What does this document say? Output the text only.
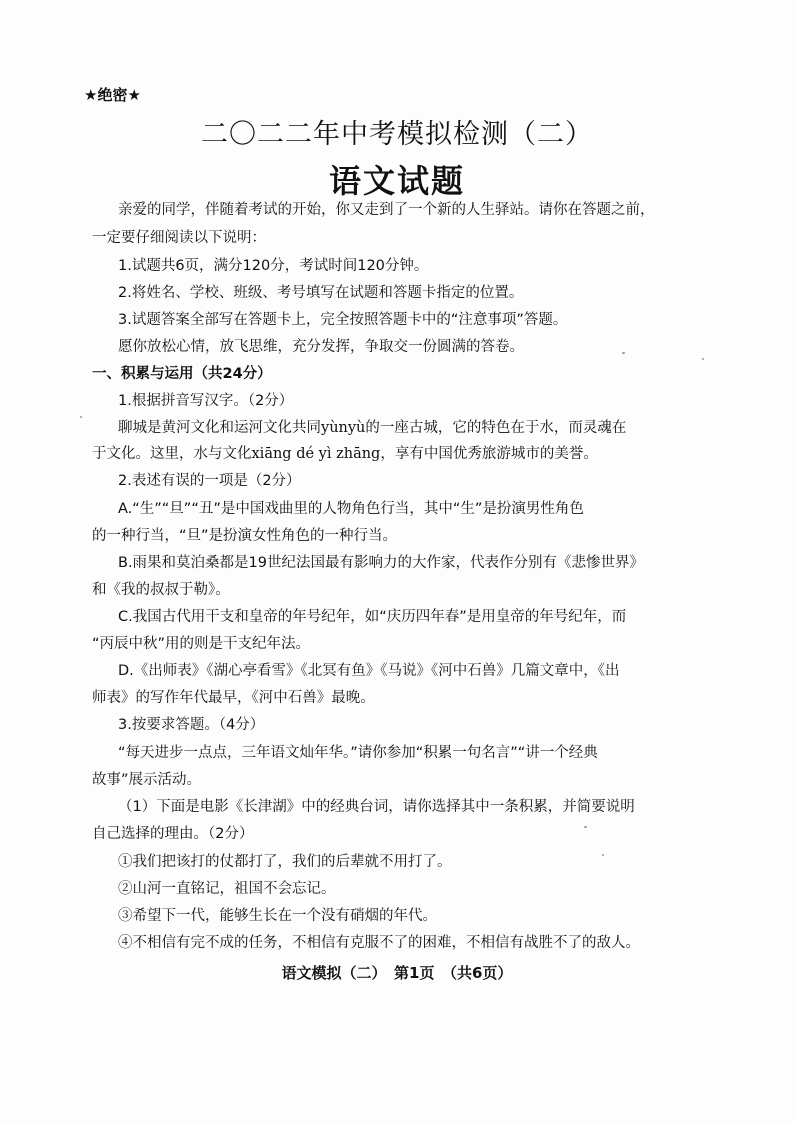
★绝密★
二〇二二年中考模拟检测（二）
语文试题
亲爱的同学，伴随着考试的开始，你又走到了一个新的人生驿站。请你在答题之前，
一定要仔细阅读以下说明：
1.试题共6页，满分120分，考试时间120分钟。
2.将姓名、学校、班级、考号填写在试题和答题卡指定的位置。
3.试题答案全部写在答题卡上，完全按照答题卡中的“注意事项”答题。
愿你放松心情，放飞思维，充分发挥，争取交一份圆满的答卷。
一、积累与运用（共24分）
1.根据拼音写汉字。（2分）
聊城是黄河文化和运河文化共同yùnyù的一座古城，它的特色在于水，而灵魂在
于文化。这里，水与文化xiāng dé yì zhāng，享有中国优秀旅游城市的美誉。
2.表述有误的一项是（2分）
A.“生”“旦”“丑”是中国戏曲里的人物角色行当，其中“生”是扮演男性角色
的一种行当，“旦”是扮演女性角色的一种行当。
B.雨果和莫泊桑都是19世纪法国最有影响力的大作家，代表作分别有《悲惨世界》
和《我的叔叔于勒》。
C.我国古代用干支和皇帝的年号纪年，如“庆历四年春”是用皇帝的年号纪年，而
“丙辰中秋”用的则是干支纪年法。
D.《出师表》《湖心亭看雪》《北冥有鱼》《马说》《河中石兽》几篇文章中，《出
师表》的写作年代最早，《河中石兽》最晚。
3.按要求答题。（4分）
“每天进步一点点，三年语文灿年华。”请你参加“积累一句名言”“讲一个经典
故事”展示活动。
（1）下面是电影《长津湖》中的经典台词，请你选择其中一条积累，并简要说明
自己选择的理由。（2分）
①我们把该打的仗都打了，我们的后辈就不用打了。
②山河一直铭记，祖国不会忘记。
③希望下一代，能够生长在一个没有硝烟的年代。
④不相信有完不成的任务，不相信有克服不了的困难，不相信有战胜不了的敌人。
语文模拟（二）　第1页　（共6页）
